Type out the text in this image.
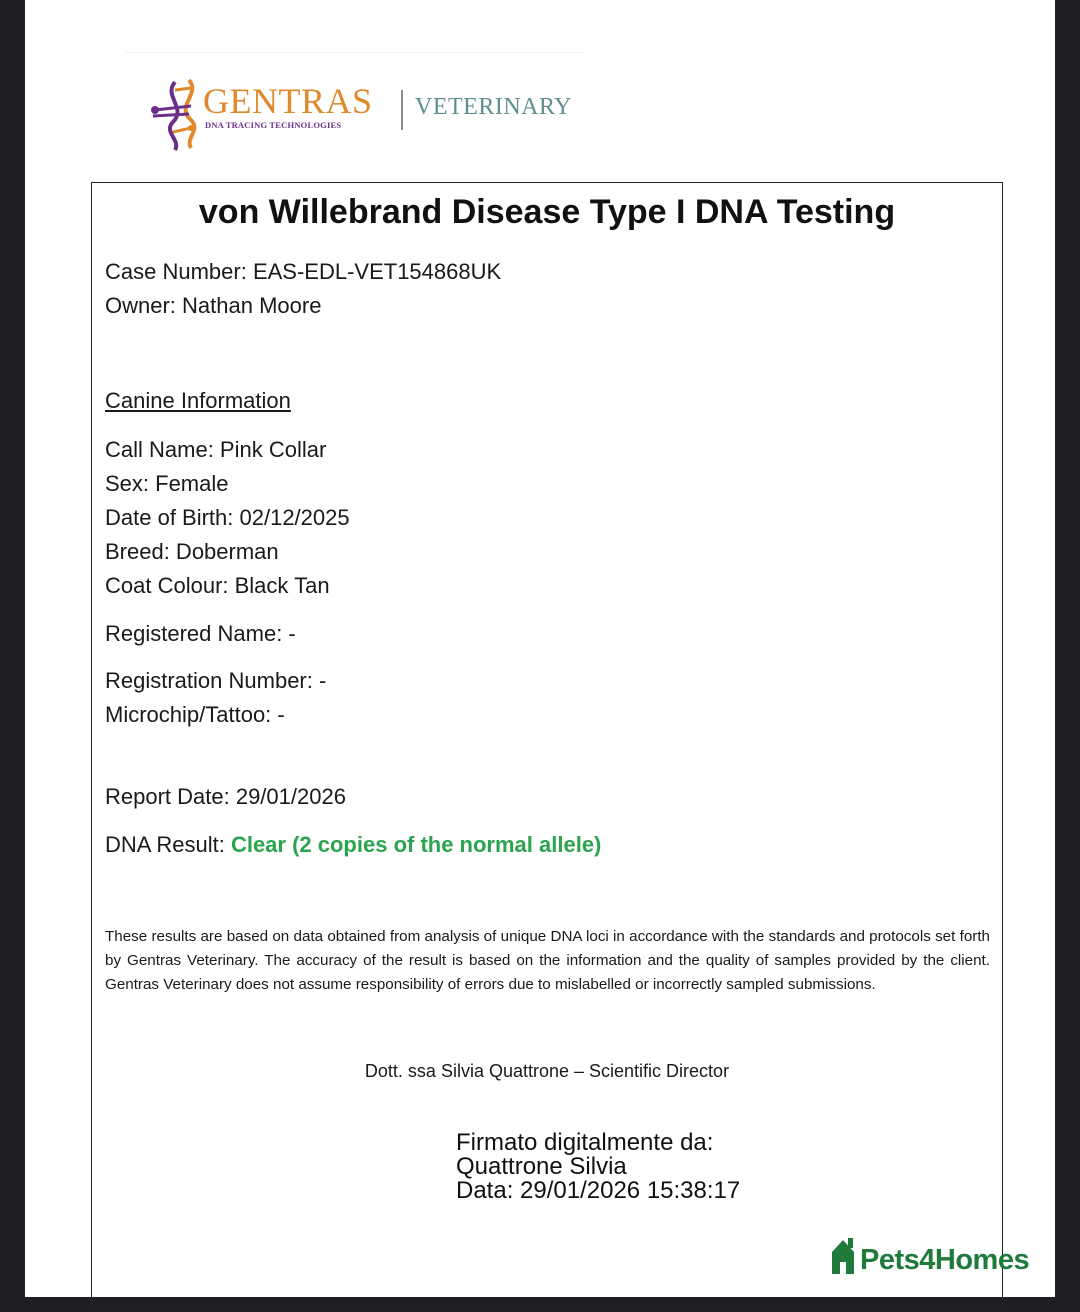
GENTRAS
DNA TRACING TECHNOLOGIES
VETERINARY
von Willebrand Disease Type I DNA Testing
Case Number: EAS-EDL-VET154868UK
Owner: Nathan Moore
Canine Information
Call Name: Pink Collar
Sex: Female
Date of Birth: 02/12/2025
Breed: Doberman
Coat Colour: Black Tan
Registered Name: -
Registration Number: -
Microchip/Tattoo: -
Report Date: 29/01/2026
DNA Result: Clear (2 copies of the normal allele)
These results are based on data obtained from analysis of unique DNA loci in accordance with the standards and protocols set forth by Gentras Veterinary. The accuracy of the result is based on the information and the quality of samples provided by the client. Gentras Veterinary does not assume responsibility of errors due to mislabelled or incorrectly sampled submissions.
Dott. ssa Silvia Quattrone – Scientific Director
Firmato digitalmente da:
Quattrone Silvia
Data: 29/01/2026 15:38:17
Pets4Homes
